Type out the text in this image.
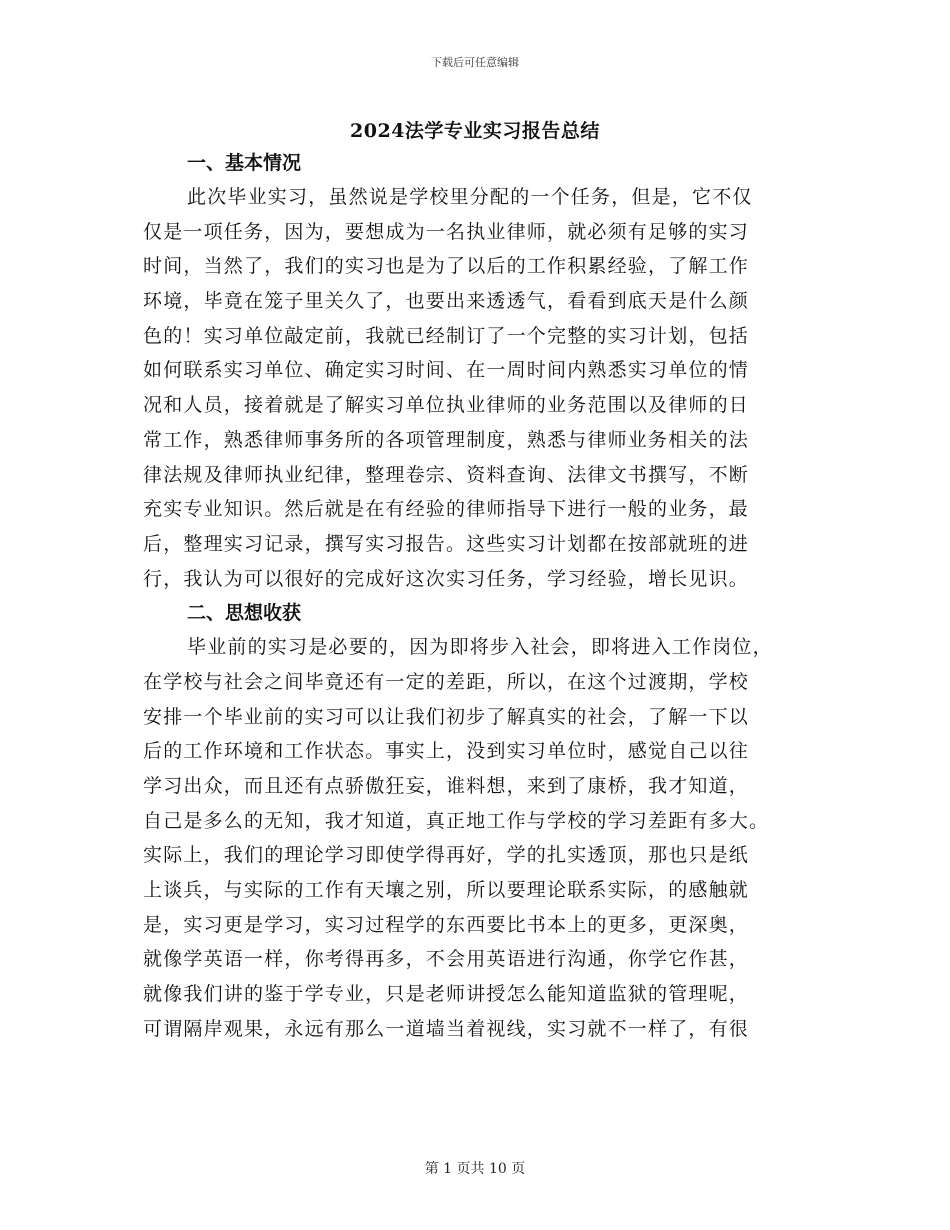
下载后可任意编辑
2024法学专业实习报告总结
一、基本情况
此次毕业实习，虽然说是学校里分配的一个任务，但是，它不仅
仅是一项任务，因为，要想成为一名执业律师，就必须有足够的实习
时间，当然了，我们的实习也是为了以后的工作积累经验，了解工作
环境，毕竟在笼子里关久了，也要出来透透气，看看到底天是什么颜
色的！实习单位敲定前，我就已经制订了一个完整的实习计划，包括
如何联系实习单位、确定实习时间、在一周时间内熟悉实习单位的情
况和人员，接着就是了解实习单位执业律师的业务范围以及律师的日
常工作，熟悉律师事务所的各项管理制度，熟悉与律师业务相关的法
律法规及律师执业纪律，整理卷宗、资料查询、法律文书撰写，不断
充实专业知识。然后就是在有经验的律师指导下进行一般的业务，最
后，整理实习记录，撰写实习报告。这些实习计划都在按部就班的进
行，我认为可以很好的完成好这次实习任务，学习经验，增长见识。
二、思想收获
毕业前的实习是必要的，因为即将步入社会，即将进入工作岗位，
在学校与社会之间毕竟还有一定的差距，所以，在这个过渡期，学校
安排一个毕业前的实习可以让我们初步了解真实的社会，了解一下以
后的工作环境和工作状态。事实上，没到实习单位时，感觉自己以往
学习出众，而且还有点骄傲狂妄，谁料想，来到了康桥，我才知道，
自己是多么的无知，我才知道，真正地工作与学校的学习差距有多大。
实际上，我们的理论学习即使学得再好，学的扎实透顶，那也只是纸
上谈兵，与实际的工作有天壤之别，所以要理论联系实际，的感触就
是，实习更是学习，实习过程学的东西要比书本上的更多，更深奥，
就像学英语一样，你考得再多，不会用英语进行沟通，你学它作甚，
就像我们讲的鉴于学专业，只是老师讲授怎么能知道监狱的管理呢，
可谓隔岸观果，永远有那么一道墙当着视线，实习就不一样了，有很
第 1 页共 10 页
